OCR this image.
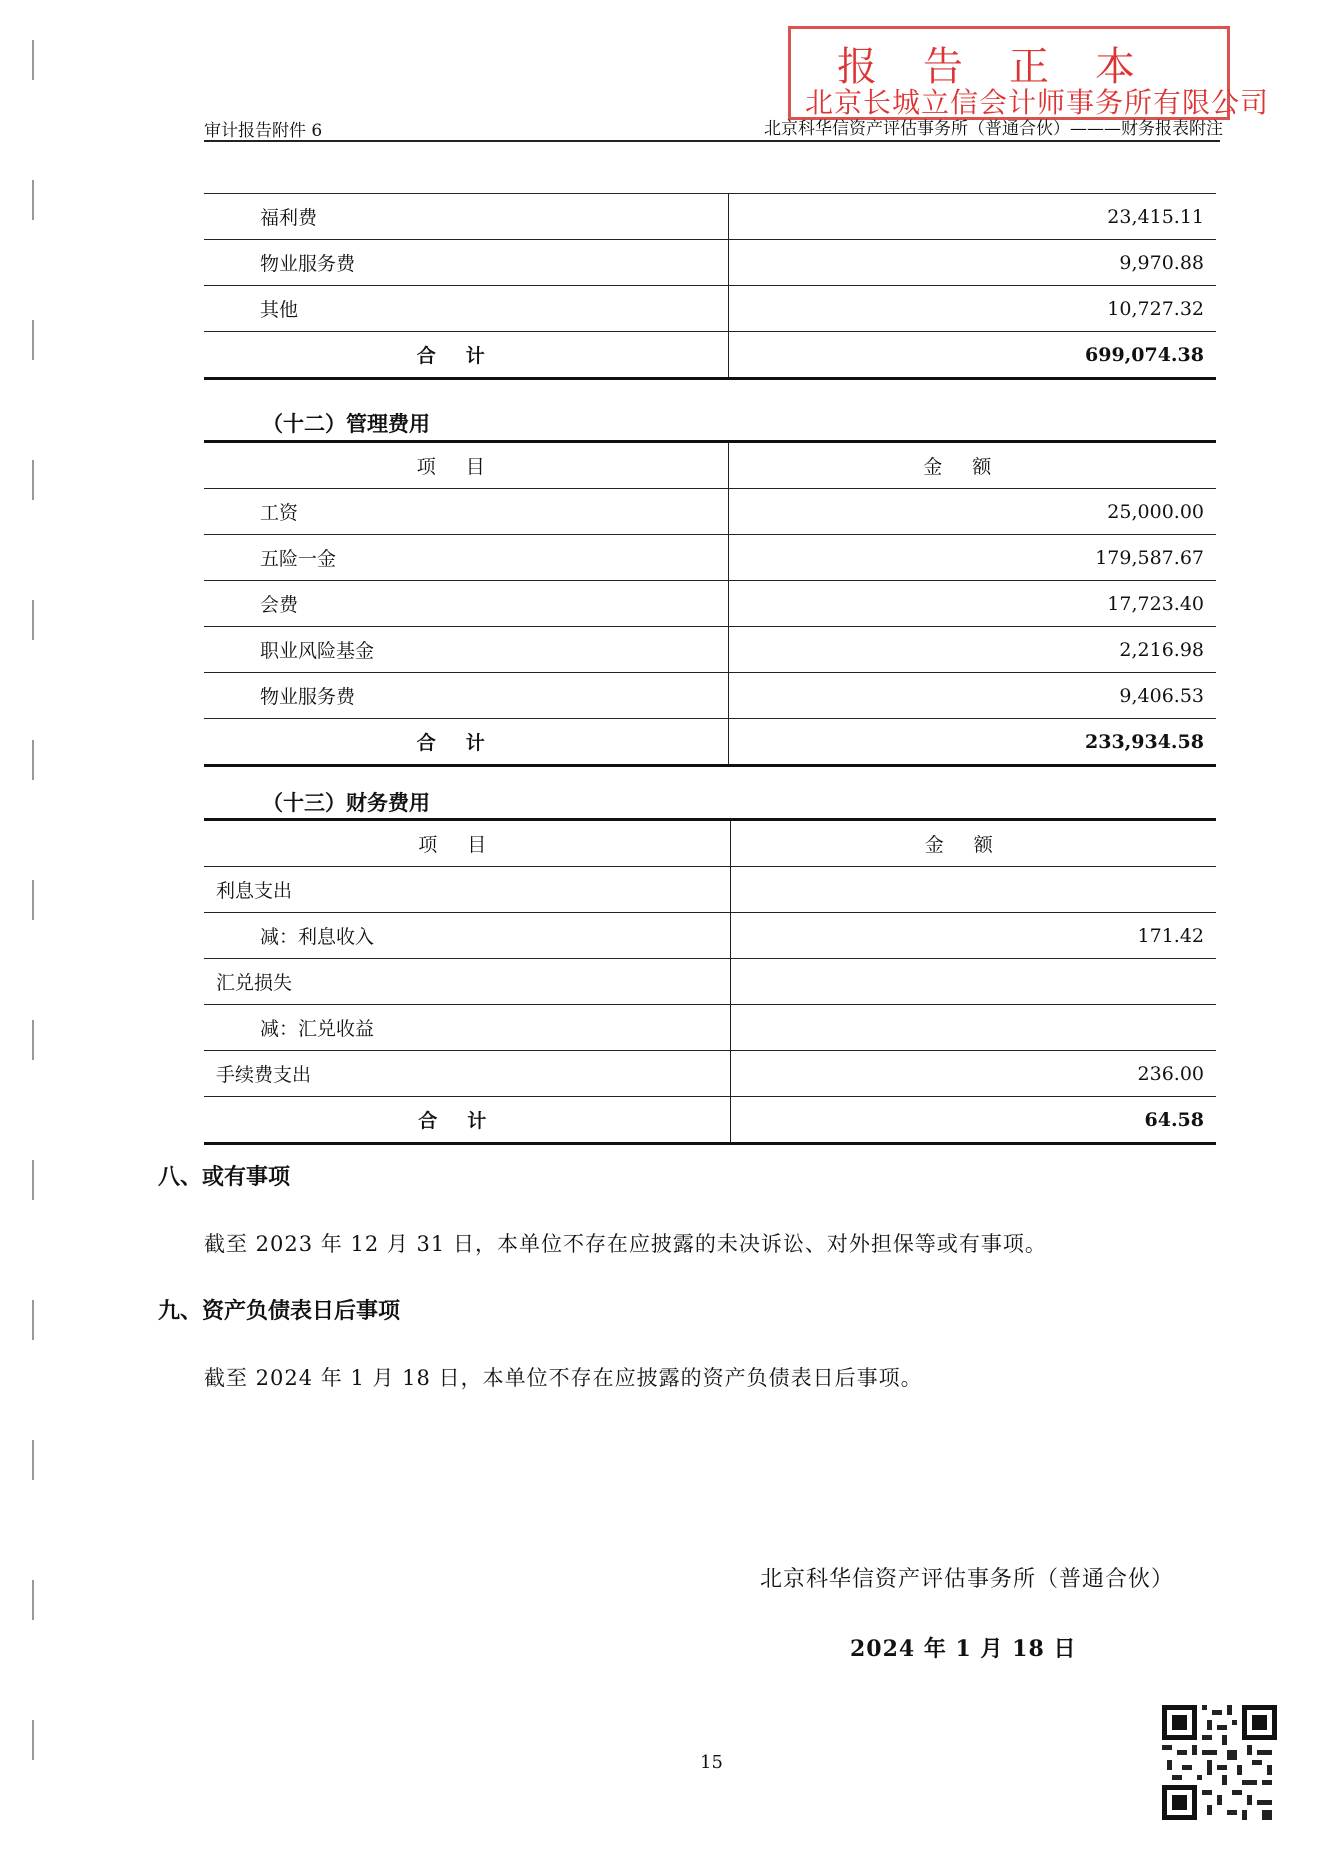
报告正本
北京长城立信会计师事务所有限公司
审计报告附件 6	北京科华信资产评估事务所（普通合伙）———财务报表附注
福利费	23,415.11
物业服务费	9,970.88
其他	10,727.32
合计	699,074.38
（十二）管理费用
项目	金额
工资	25,000.00
五险一金	179,587.67
会费	17,723.40
职业风险基金	2,216.98
物业服务费	9,406.53
合计	233,934.58
（十三）财务费用
项目	金额
利息支出	
减：利息收入	171.42
汇兑损失	
减：汇兑收益	
手续费支出	236.00
合计	64.58
八、或有事项
截至 2023 年 12 月 31 日，本单位不存在应披露的未决诉讼、对外担保等或有事项。
九、资产负债表日后事项
截至 2024 年 1 月 18 日，本单位不存在应披露的资产负债表日后事项。
北京科华信资产评估事务所（普通合伙）
2024 年 1 月 18 日
15
